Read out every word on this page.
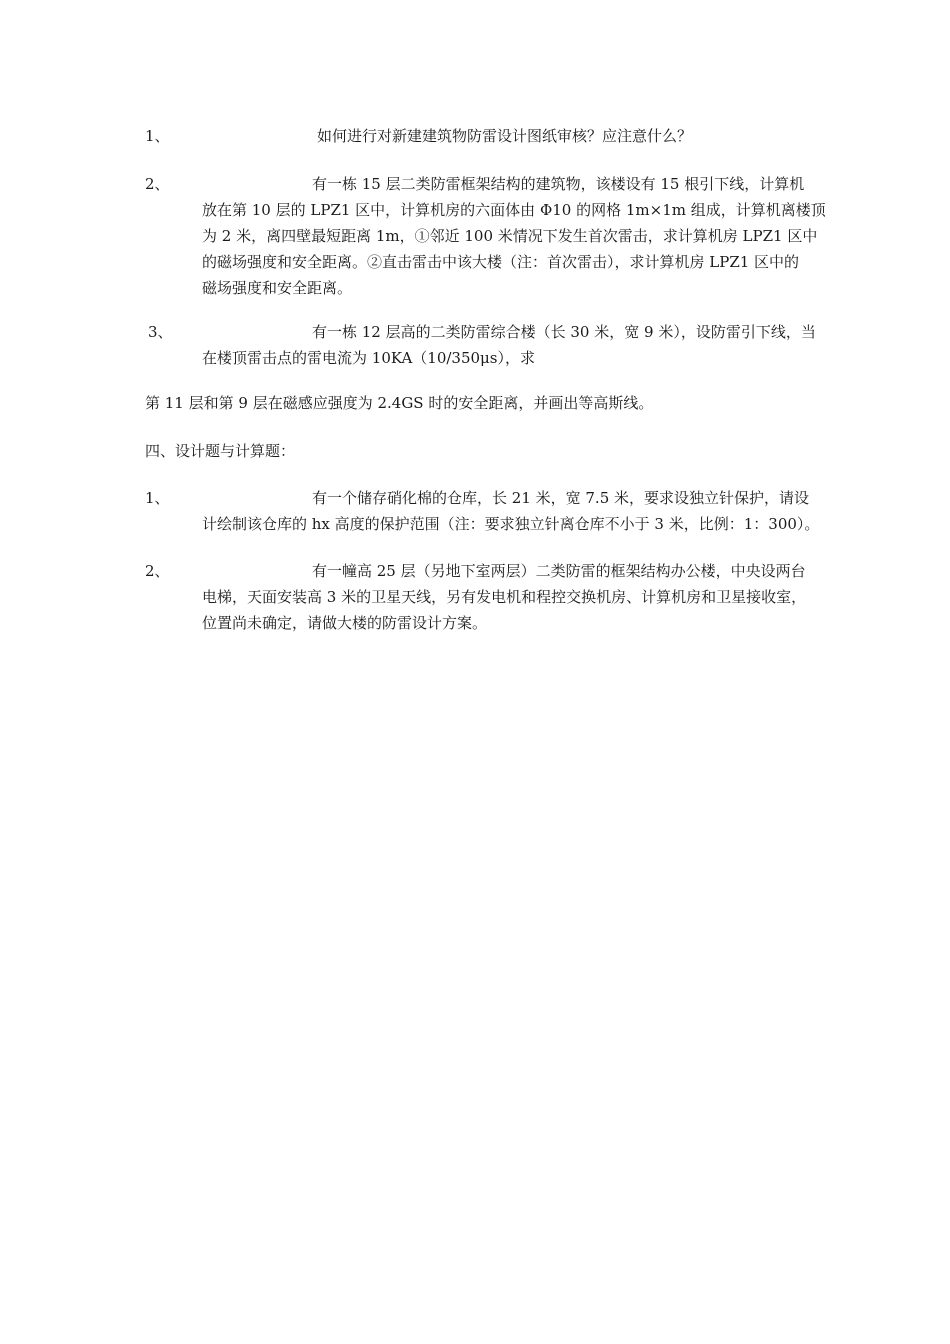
1、	如何进行对新建建筑物防雷设计图纸审核？应注意什么？
2、	有一栋 15 层二类防雷框架结构的建筑物，该楼设有 15 根引下线，计算机
放在第 10 层的 LPZ1 区中，计算机房的六面体由 Φ10 的网格 1m×1m 组成，计算机离楼顶
为 2 米，离四壁最短距离 1m，①邻近 100 米情况下发生首次雷击，求计算机房 LPZ1 区中
的磁场强度和安全距离。②直击雷击中该大楼（注：首次雷击），求计算机房 LPZ1 区中的
磁场强度和安全距离。
3、	有一栋 12 层高的二类防雷综合楼（长 30 米，宽 9 米），设防雷引下线，当
在楼顶雷击点的雷电流为 10KA（10/350μs），求

第 11 层和第 9 层在磁感应强度为 2.4GS 时的安全距离，并画出等高斯线。

四、设计题与计算题：
1、	有一个储存硝化棉的仓库，长 21 米，宽 7.5 米，要求设独立针保护，请设
计绘制该仓库的 hx 高度的保护范围（注：要求独立针离仓库不小于 3 米，比例：1：300）。
2、	有一幢高 25 层（另地下室两层）二类防雷的框架结构办公楼，中央设两台
电梯，天面安装高 3 米的卫星天线，另有发电机和程控交换机房、计算机房和卫星接收室，
位置尚未确定，请做大楼的防雷设计方案。
